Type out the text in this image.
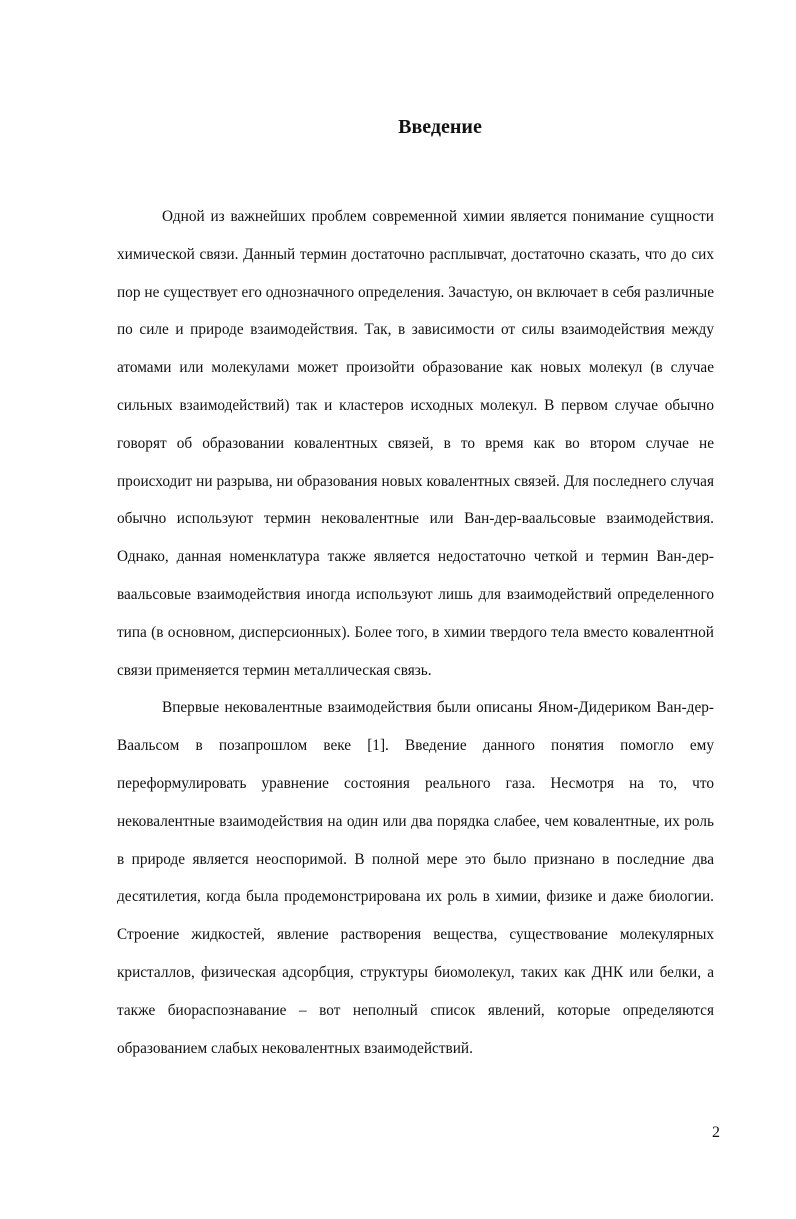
Введение

Одной из важнейших проблем современной химии является понимание сущности химической связи. Данный термин достаточно расплывчат, достаточно сказать, что до сих пор не существует его однозначного определения. Зачастую, он включает в себя различные по силе и природе взаимодействия. Так, в зависимости от силы взаимодействия между атомами или молекулами может произойти образование как новых молекул (в случае сильных взаимодействий) так и кластеров исходных молекул. В первом случае обычно говорят об образовании ковалентных связей, в то время как во втором случае не происходит ни разрыва, ни образования новых ковалентных связей. Для последнего случая обычно используют термин нековалентные или Ван-дер-ваальсовые взаимодействия. Однако, данная номенклатура также является недостаточно четкой и термин Ван-дер-ваальсовые взаимодействия иногда используют лишь для взаимодействий определенного типа (в основном, дисперсионных). Более того, в химии твердого тела вместо ковалентной связи применяется термин металлическая связь.

Впервые нековалентные взаимодействия были описаны Яном-Дидериком Ван-дер-Ваальсом в позапрошлом веке [1]. Введение данного понятия помогло ему переформулировать уравнение состояния реального газа. Несмотря на то, что нековалентные взаимодействия на один или два порядка слабее, чем ковалентные, их роль в природе является неоспоримой. В полной мере это было признано в последние два десятилетия, когда была продемонстрирована их роль в химии, физике и даже биологии. Строение жидкостей, явление растворения вещества, существование молекулярных кристаллов, физическая адсорбция, структуры биомолекул, таких как ДНК или белки, а также биораспознавание – вот неполный список явлений, которые определяются образованием слабых нековалентных взаимодействий.

2
